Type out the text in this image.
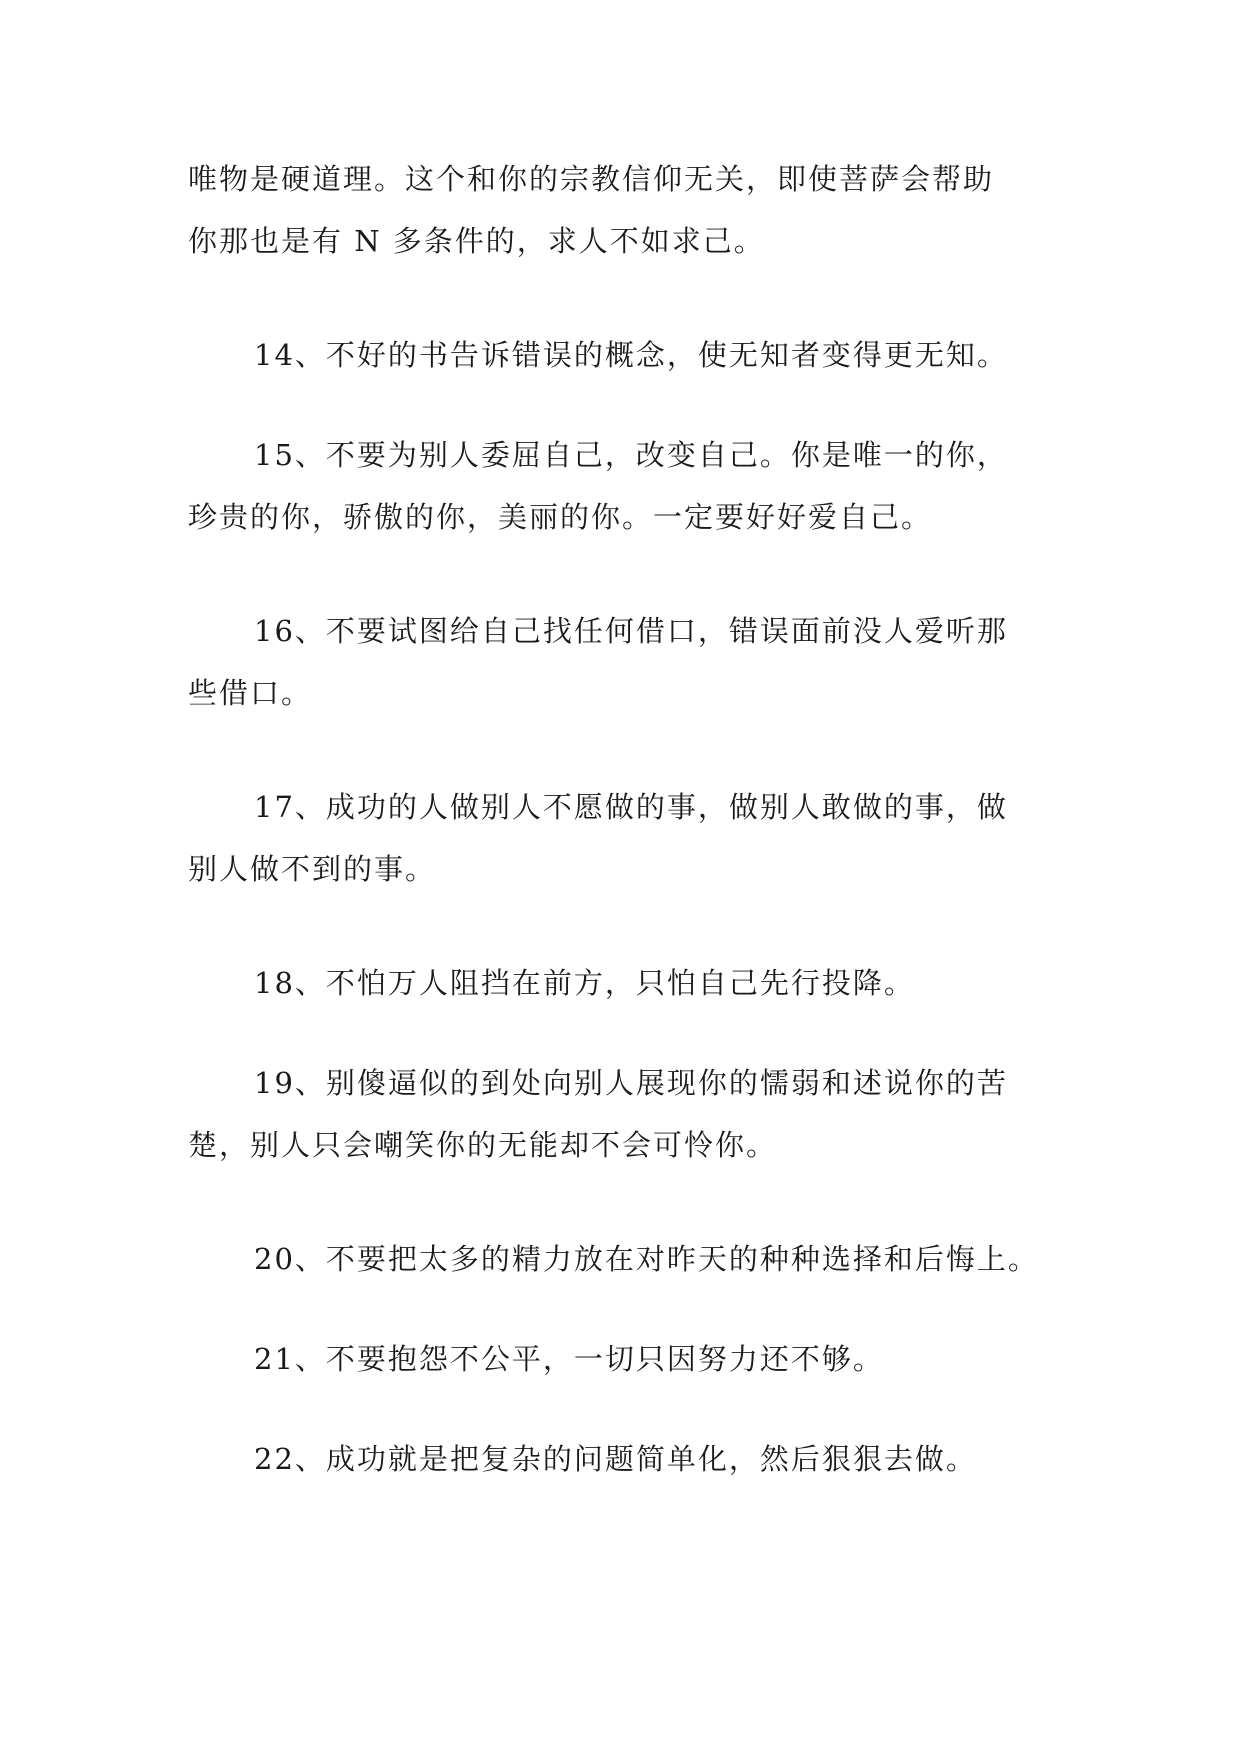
唯物是硬道理。这个和你的宗教信仰无关，即使菩萨会帮助
你那也是有 N 多条件的，求人不如求己。
14、不好的书告诉错误的概念，使无知者变得更无知。
15、不要为别人委屈自己，改变自己。你是唯一的你，
珍贵的你，骄傲的你，美丽的你。一定要好好爱自己。
16、不要试图给自己找任何借口，错误面前没人爱听那
些借口。
17、成功的人做别人不愿做的事，做别人敢做的事，做
别人做不到的事。
18、不怕万人阻挡在前方，只怕自己先行投降。
19、别傻逼似的到处向别人展现你的懦弱和述说你的苦
楚，别人只会嘲笑你的无能却不会可怜你。
20、不要把太多的精力放在对昨天的种种选择和后悔上。
21、不要抱怨不公平，一切只因努力还不够。
22、成功就是把复杂的问题简单化，然后狠狠去做。
